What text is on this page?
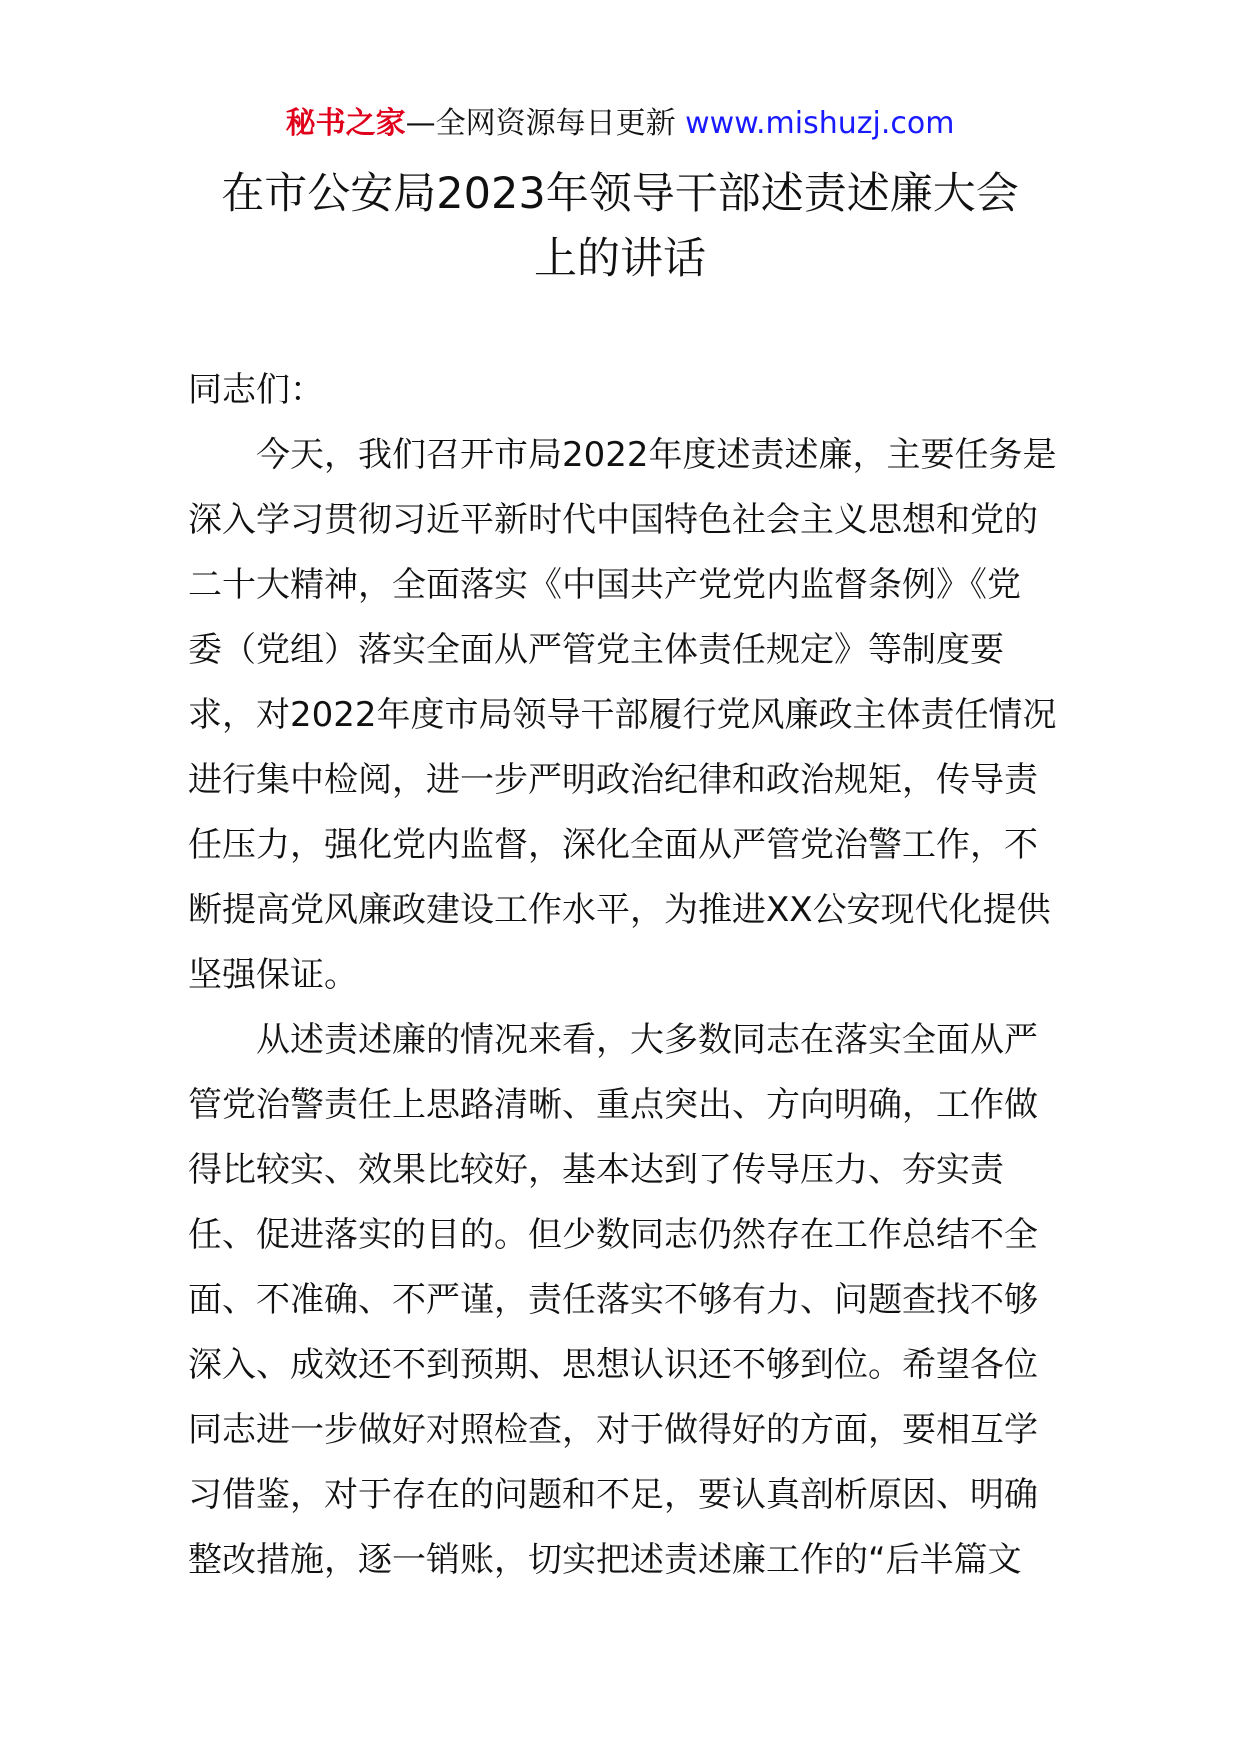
秘书之家—全网资源每日更新 www.mishuzj.com
在市公安局2023年领导干部述责述廉大会
上的讲话
同志们：
今天，我们召开市局2022年度述责述廉，主要任务是
深入学习贯彻习近平新时代中国特色社会主义思想和党的
二十大精神，全面落实《中国共产党党内监督条例》《党
委（党组）落实全面从严管党主体责任规定》等制度要
求，对2022年度市局领导干部履行党风廉政主体责任情况
进行集中检阅，进一步严明政治纪律和政治规矩，传导责
任压力，强化党内监督，深化全面从严管党治警工作，不
断提高党风廉政建设工作水平，为推进XX公安现代化提供
坚强保证。
从述责述廉的情况来看，大多数同志在落实全面从严
管党治警责任上思路清晰、重点突出、方向明确，工作做
得比较实、效果比较好，基本达到了传导压力、夯实责
任、促进落实的目的。但少数同志仍然存在工作总结不全
面、不准确、不严谨，责任落实不够有力、问题查找不够
深入、成效还不到预期、思想认识还不够到位。希望各位
同志进一步做好对照检查，对于做得好的方面，要相互学
习借鉴，对于存在的问题和不足，要认真剖析原因、明确
整改措施，逐一销账，切实把述责述廉工作的“后半篇文
